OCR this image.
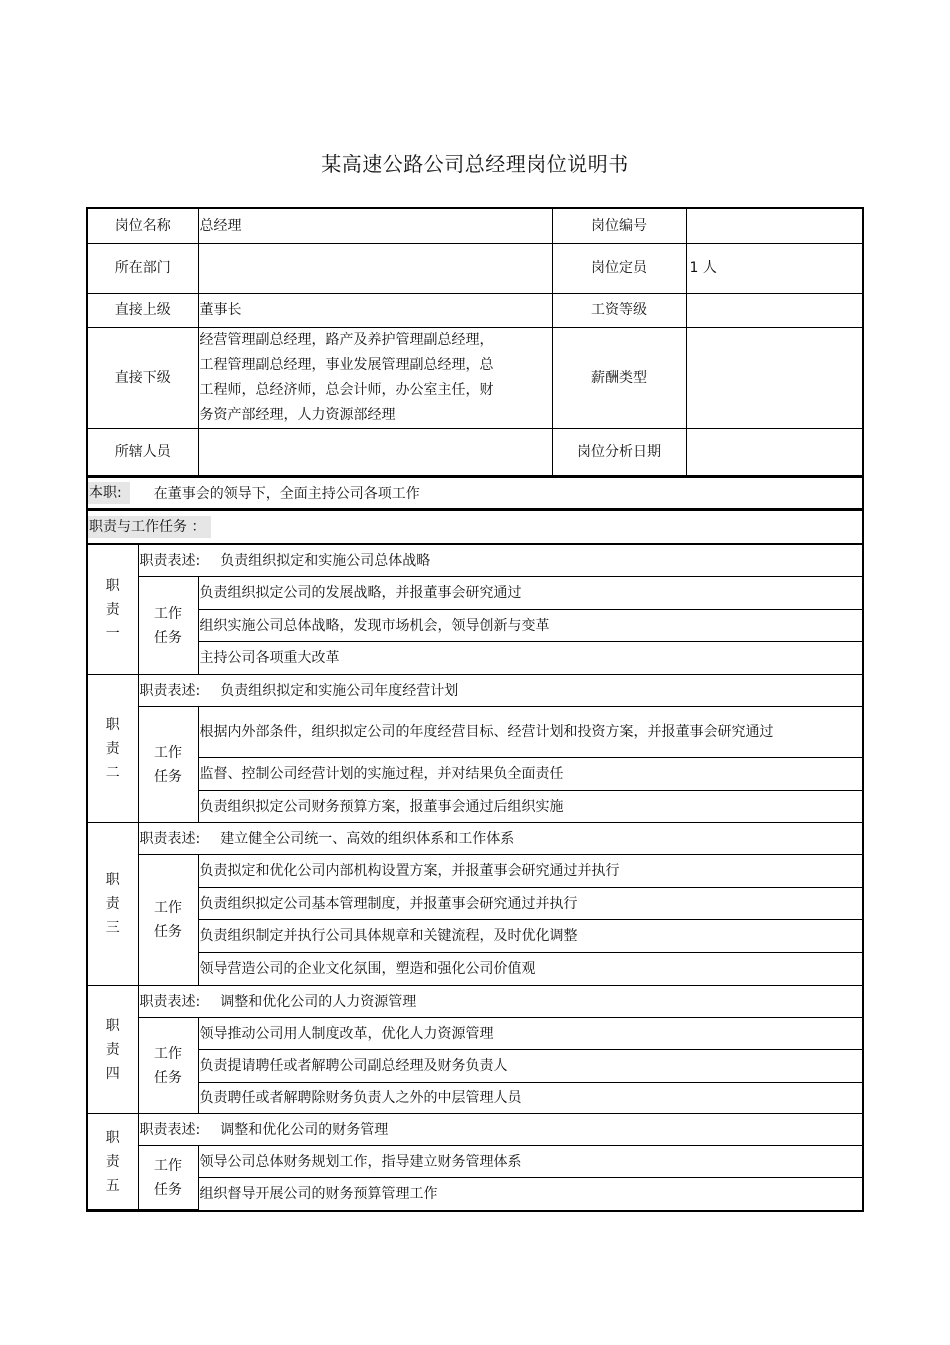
某高速公路公司总经理岗位说明书
岗位名称	总经理	岗位编号	
所在部门		岗位定员	1 人
直接上级	董事长	工资等级	
直接下级	经营管理副总经理，路产及养护管理副总经理，
工程管理副总经理，事业发展管理副总经理，总
工程师，总经济师，总会计师，办公室主任，财
务资产部经理，人力资源部经理	薪酬类型	
所辖人员		岗位分析日期	
本职:	在董事会的领导下，全面主持公司各项工作
职责与工作任务 ：
职
责
一	职责表述: 负责组织拟定和实施公司总体战略	

	工作
任务	负责组织拟定公司的发展战略，并报董事会研究通过
		组织实施公司总体战略，发现市场机会，领导创新与变革
		主持公司各项重大改革

职
责
二	职责表述: 负责组织拟定和实施公司年度经营计划	

	工作
任务	根据内外部条件，组织拟定公司的年度经营目标、经营计划和投资方案，并报董事会研究通过
		监督、控制公司经营计划的实施过程，并对结果负全面责任
		负责组织拟定公司财务预算方案，报董事会通过后组织实施

职
责
三	职责表述: 建立健全公司统一、高效的组织体系和工作体系	

	工作
任务	负责拟定和优化公司内部机构设置方案，并报董事会研究通过并执行
		负责组织拟定公司基本管理制度，并报董事会研究通过并执行
		负责组织制定并执行公司具体规章和关键流程，及时优化调整
		领导营造公司的企业文化氛围，塑造和强化公司价值观

职
责
四	职责表述: 调整和优化公司的人力资源管理	

	工作
任务	领导推动公司用人制度改革，优化人力资源管理
		负责提请聘任或者解聘公司副总经理及财务负责人
		负责聘任或者解聘除财务负责人之外的中层管理人员

职
责
五	职责表述: 调整和优化公司的财务管理	

	工作
任务	领导公司总体财务规划工作，指导建立财务管理体系
		组织督导开展公司的财务预算管理工作
